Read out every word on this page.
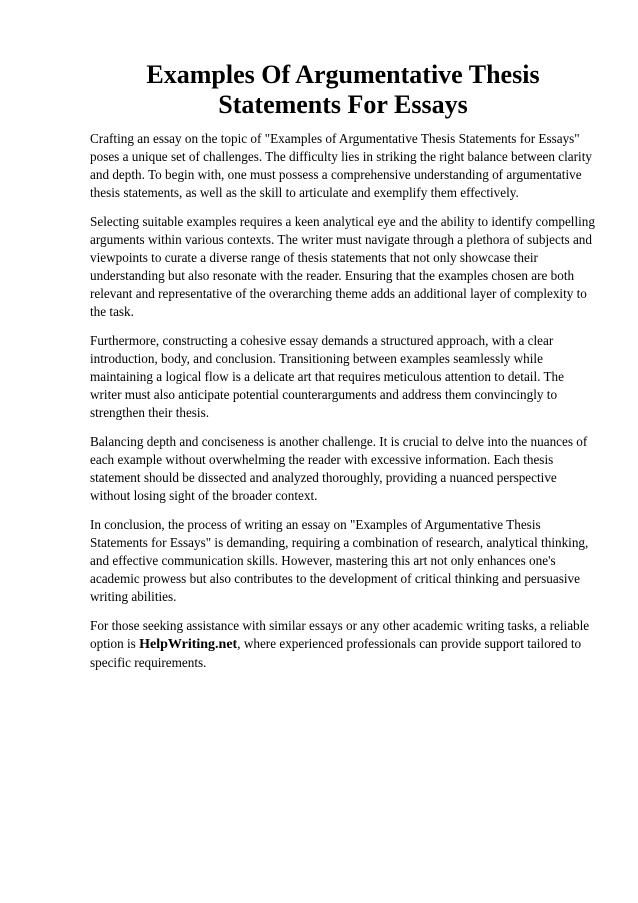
Examples Of Argumentative Thesis
Statements For Essays

Crafting an essay on the topic of "Examples of Argumentative Thesis Statements for Essays" poses a unique set of challenges. The difficulty lies in striking the right balance between clarity and depth. To begin with, one must possess a comprehensive understanding of argumentative thesis statements, as well as the skill to articulate and exemplify them effectively.

Selecting suitable examples requires a keen analytical eye and the ability to identify compelling arguments within various contexts. The writer must navigate through a plethora of subjects and viewpoints to curate a diverse range of thesis statements that not only showcase their understanding but also resonate with the reader. Ensuring that the examples chosen are both relevant and representative of the overarching theme adds an additional layer of complexity to the task.

Furthermore, constructing a cohesive essay demands a structured approach, with a clear introduction, body, and conclusion. Transitioning between examples seamlessly while maintaining a logical flow is a delicate art that requires meticulous attention to detail. The writer must also anticipate potential counterarguments and address them convincingly to strengthen their thesis.

Balancing depth and conciseness is another challenge. It is crucial to delve into the nuances of each example without overwhelming the reader with excessive information. Each thesis statement should be dissected and analyzed thoroughly, providing a nuanced perspective without losing sight of the broader context.

In conclusion, the process of writing an essay on "Examples of Argumentative Thesis Statements for Essays" is demanding, requiring a combination of research, analytical thinking, and effective communication skills. However, mastering this art not only enhances one's academic prowess but also contributes to the development of critical thinking and persuasive writing abilities.

For those seeking assistance with similar essays or any other academic writing tasks, a reliable option is HelpWriting.net, where experienced professionals can provide support tailored to specific requirements.
